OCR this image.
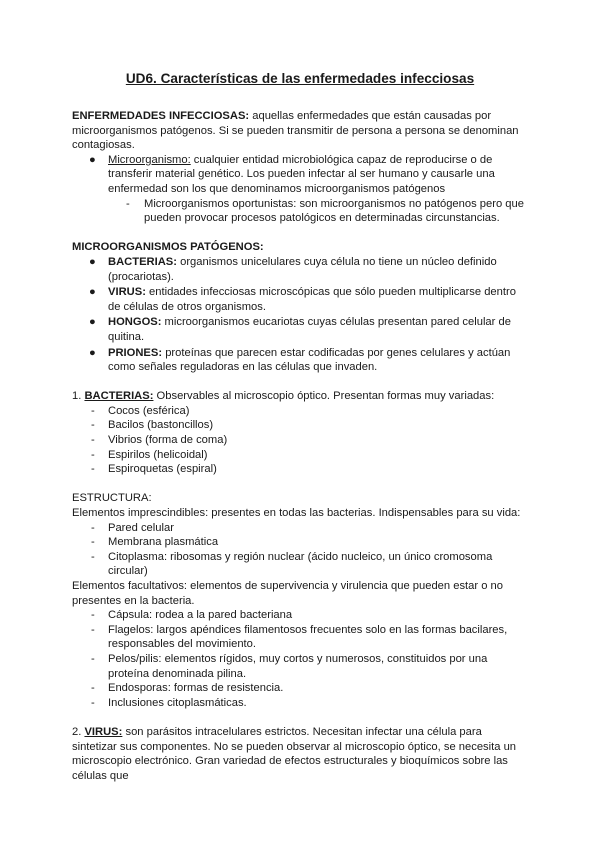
UD6. Características de las enfermedades infecciosas

ENFERMEDADES INFECCIOSAS: aquellas enfermedades que están causadas por microorganismos patógenos. Si se pueden transmitir de persona a persona se denominan contagiosas.

● Microorganismo: cualquier entidad microbiológica capaz de reproducirse o de transferir material genético. Los pueden infectar al ser humano y causarle una enfermedad son los que denominamos microorganismos patógenos
- Microorganismos oportunistas: son microorganismos no patógenos pero que pueden provocar procesos patológicos en determinadas circunstancias.

MICROORGANISMOS PATÓGENOS:

● BACTERIAS: organismos unicelulares cuya célula no tiene un núcleo definido (procariotas).
● VIRUS: entidades infecciosas microscópicas que sólo pueden multiplicarse dentro de células de otros organismos.
● HONGOS: microorganismos eucariotas cuyas células presentan pared celular de quitina.
● PRIONES: proteínas que parecen estar codificadas por genes celulares y actúan como señales reguladoras en las células que invaden.

1. BACTERIAS: Observables al microscopio óptico. Presentan formas muy variadas:

- Cocos (esférica)
- Bacilos (bastoncillos)
- Vibrios (forma de coma)
- Espirilos (helicoidal)
- Espiroquetas (espiral)

ESTRUCTURA:

Elementos imprescindibles: presentes en todas las bacterias. Indispensables para su vida:

- Pared celular
- Membrana plasmática
- Citoplasma: ribosomas y región nuclear (ácido nucleico, un único cromosoma circular)

Elementos facultativos: elementos de supervivencia y virulencia que pueden estar o no presentes en la bacteria.

- Cápsula: rodea a la pared bacteriana
- Flagelos: largos apéndices filamentosos frecuentes solo en las formas bacilares, responsables del movimiento.
- Pelos/pilis: elementos rígidos, muy cortos y numerosos, constituidos por una proteína denominada pilina.
- Endosporas: formas de resistencia.
- Inclusiones citoplasmáticas.

2. VIRUS: son parásitos intracelulares estrictos. Necesitan infectar una célula para sintetizar sus componentes. No se pueden observar al microscopio óptico, se necesita un microscopio electrónico. Gran variedad de efectos estructurales y bioquímicos sobre las células que
